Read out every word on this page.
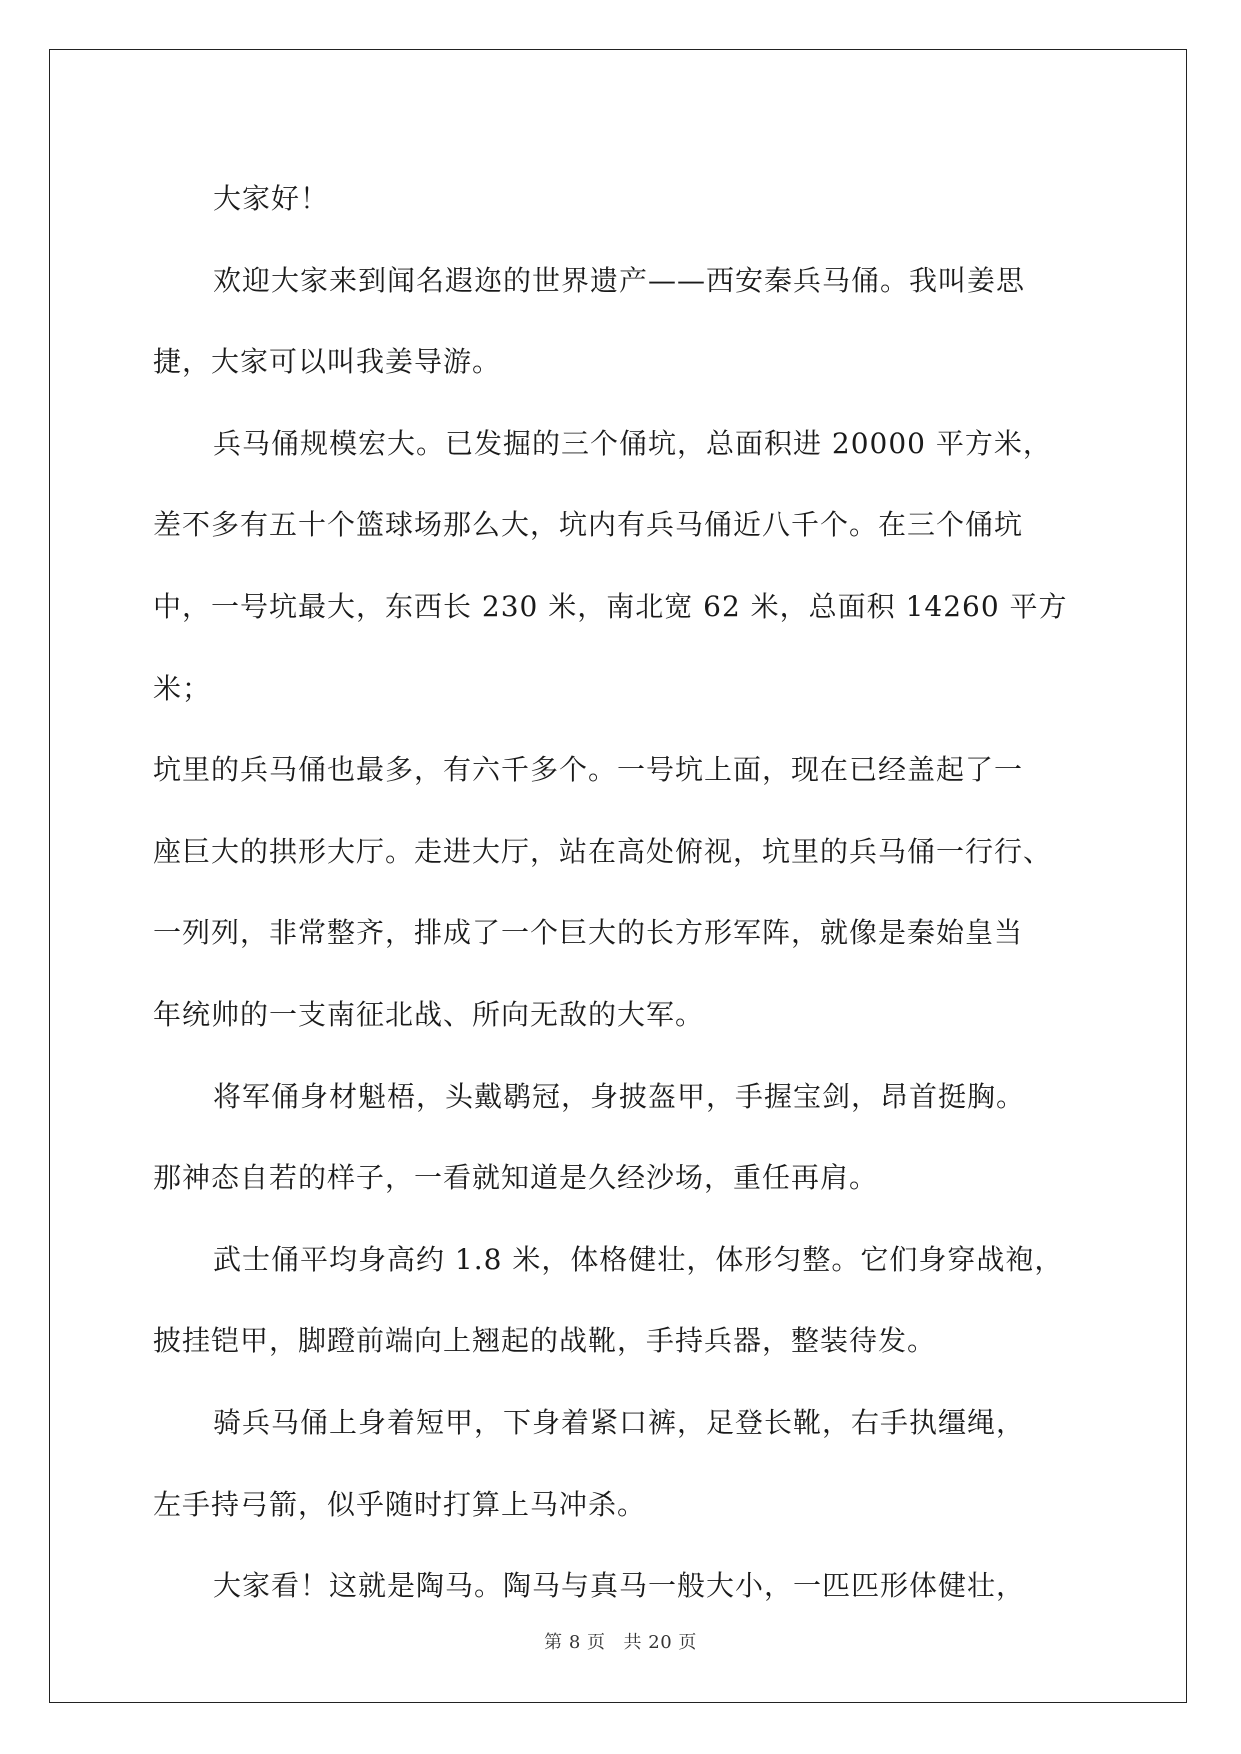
大家好！

欢迎大家来到闻名遐迩的世界遗产——西安秦兵马俑。我叫姜思
捷，大家可以叫我姜导游。

兵马俑规模宏大。已发掘的三个俑坑，总面积进 20000 平方米，
差不多有五十个篮球场那么大，坑内有兵马俑近八千个。在三个俑坑
中，一号坑最大，东西长 230 米，南北宽 62 米，总面积 14260 平方米；
坑里的兵马俑也最多，有六千多个。一号坑上面，现在已经盖起了一
座巨大的拱形大厅。走进大厅，站在高处俯视，坑里的兵马俑一行行、
一列列，非常整齐，排成了一个巨大的长方形军阵，就像是秦始皇当
年统帅的一支南征北战、所向无敌的大军。

将军俑身材魁梧，头戴鹖冠，身披盔甲，手握宝剑，昂首挺胸。
那神态自若的样子，一看就知道是久经沙场，重任再肩。

武士俑平均身高约 1.8 米，体格健壮，体形匀整。它们身穿战袍，
披挂铠甲，脚蹬前端向上翘起的战靴，手持兵器，整装待发。

骑兵马俑上身着短甲，下身着紧口裤，足登长靴，右手执缰绳，
左手持弓箭，似乎随时打算上马冲杀。

大家看！这就是陶马。陶马与真马一般大小，一匹匹形体健壮，

第 8 页 共 20 页
